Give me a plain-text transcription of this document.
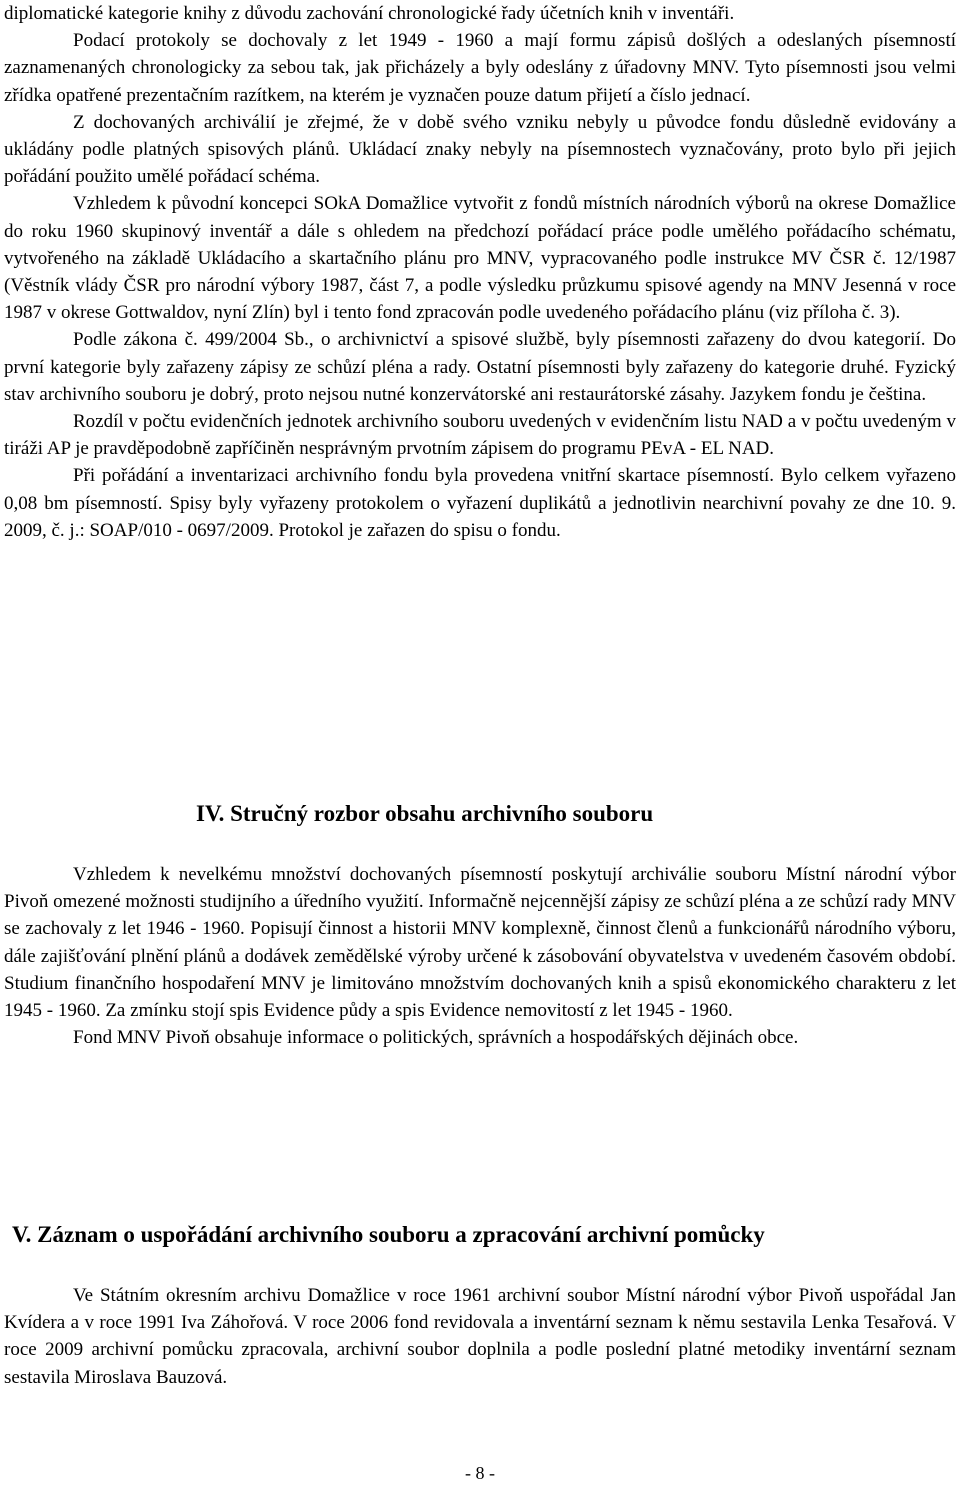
diplomatické kategorie knihy z důvodu zachování chronologické řady účetních knih v inventáři.

Podací protokoly se dochovaly z let 1949 - 1960 a mají formu zápisů došlých a odeslaných písemností zaznamenaných chronologicky za sebou tak, jak přicházely a byly odeslány z úřadovny MNV. Tyto písemnosti jsou velmi zřídka opatřené prezentačním razítkem, na kterém je vyznačen pouze datum přijetí a číslo jednací.

Z dochovaných archiválií je zřejmé, že v době svého vzniku nebyly u původce fondu důsledně evidovány a ukládány podle platných spisových plánů. Ukládací znaky nebyly na písemnostech vyznačovány, proto bylo při jejich pořádání použito umělé pořádací schéma.

Vzhledem k původní koncepci SOkA Domažlice vytvořit z fondů místních národních výborů na okrese Domažlice do roku 1960 skupinový inventář a dále s ohledem na předchozí pořádací práce podle umělého pořádacího schématu, vytvořeného na základě Ukládacího a skartačního plánu pro MNV, vypracovaného podle instrukce MV ČSR č. 12/1987 (Věstník vlády ČSR pro národní výbory 1987, část 7, a podle výsledku průzkumu spisové agendy na MNV Jesenná v roce 1987 v okrese Gottwaldov, nyní Zlín) byl i tento fond zpracován podle uvedeného pořádacího plánu (viz příloha č. 3).

Podle zákona č. 499/2004 Sb., o archivnictví a spisové službě, byly písemnosti zařazeny do dvou kategorií. Do první kategorie byly zařazeny zápisy ze schůzí pléna a rady. Ostatní písemnosti byly zařazeny do kategorie druhé. Fyzický stav archivního souboru je dobrý, proto nejsou nutné konzervátorské ani restaurátorské zásahy. Jazykem fondu je čeština.

Rozdíl v počtu evidenčních jednotek archivního souboru uvedených v evidenčním listu NAD a v počtu uvedeným v tiráži AP je pravděpodobně zapříčiněn nesprávným prvotním zápisem do programu PEvA - EL NAD.

Při pořádání a inventarizaci archivního fondu byla provedena vnitřní skartace písemností. Bylo celkem vyřazeno 0,08 bm písemností. Spisy byly vyřazeny protokolem o vyřazení duplikátů a jednotlivin nearchivní povahy ze dne 10. 9. 2009, č. j.: SOAP/010 - 0697/2009. Protokol je zařazen do spisu o fondu.

IV. Stručný rozbor obsahu archivního souboru

Vzhledem k nevelkému množství dochovaných písemností poskytují archiválie souboru Místní národní výbor Pivoň omezené možnosti studijního a úředního využití. Informačně nejcennější zápisy ze schůzí pléna a ze schůzí rady MNV se zachovaly z let 1946 - 1960. Popisují činnost a historii MNV komplexně, činnost členů a funkcionářů národního výboru, dále zajišťování plnění plánů a dodávek zemědělské výroby určené k zásobování obyvatelstva v uvedeném časovém období. Studium finančního hospodaření MNV je limitováno množstvím dochovaných knih a spisů ekonomického charakteru z let 1945 - 1960. Za zmínku stojí spis Evidence půdy a spis Evidence nemovitostí z let 1945 - 1960.

Fond MNV Pivoň obsahuje informace o politických, správních a hospodářských dějinách obce.

V. Záznam o uspořádání archivního souboru a zpracování archivní pomůcky

Ve Státním okresním archivu Domažlice v roce 1961 archivní soubor Místní národní výbor Pivoň uspořádal Jan Kvídera a v roce 1991 Iva Záhořová. V roce 2006 fond revidovala a inventární seznam k němu sestavila Lenka Tesařová. V roce 2009 archivní pomůcku zpracovala, archivní soubor doplnila a podle poslední platné metodiky inventární seznam sestavila Miroslava Bauzová.

- 8 -
